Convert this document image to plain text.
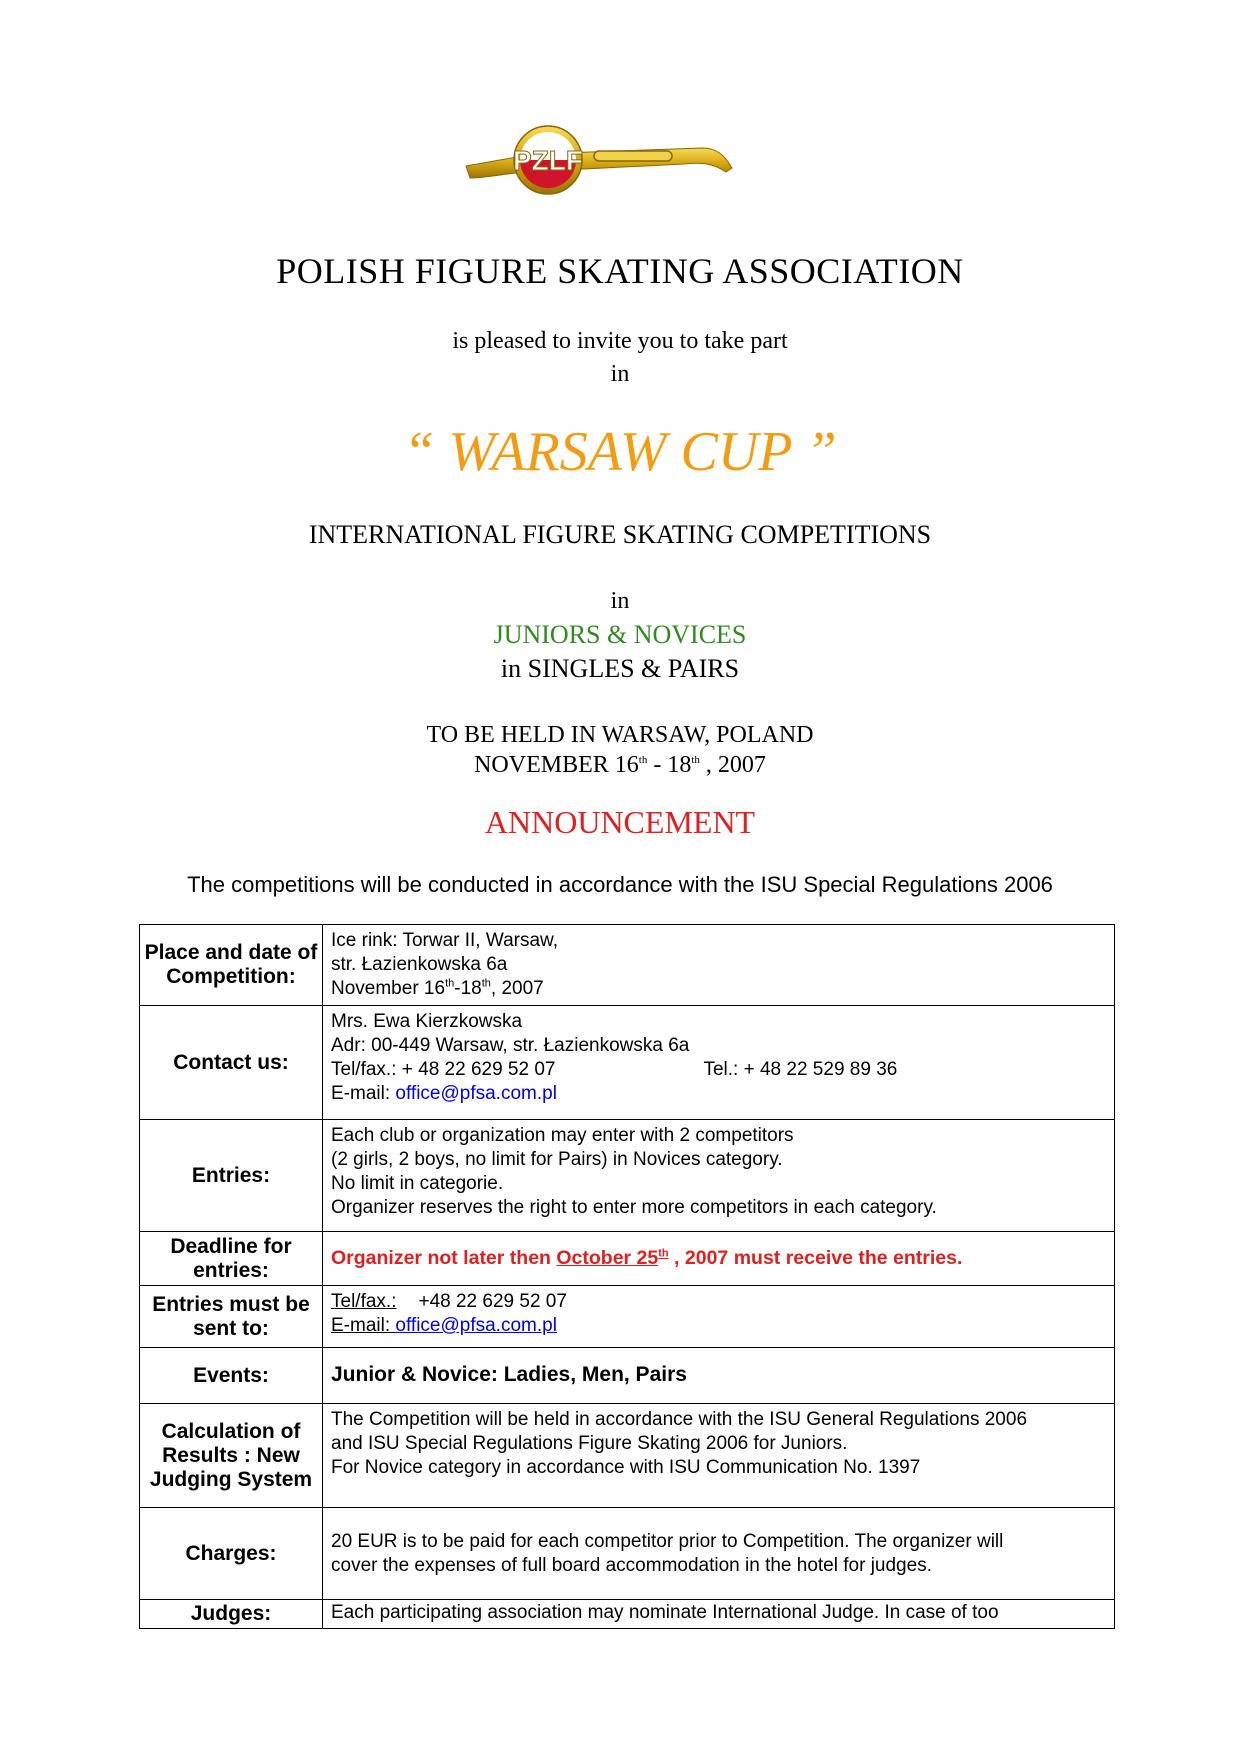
PZLF
POLISH FIGURE SKATING ASSOCIATION
is pleased to invite you to take part
in
“ WARSAW CUP ”
INTERNATIONAL FIGURE SKATING COMPETITIONS
in
JUNIORS & NOVICES
in SINGLES & PAIRS
TO BE HELD IN WARSAW, POLAND
NOVEMBER 16th - 18th , 2007
ANNOUNCEMENT
The competitions will be conducted in accordance with the ISU Special Regulations 2006
Place and date of Competition:	Ice rink: Torwar II, Warsaw,
str. Łazienkowska 6a
November 16th-18th, 2007

Contact us:	Mrs. Ewa Kierzkowska
Adr: 00-449 Warsaw, str. Łazienkowska 6a
Tel/fax.: + 48 22 629 52 07 Tel.: + 48 22 529 89 36
E-mail: office@pfsa.com.pl

Entries:	Each club or organization may enter with 2 competitors
(2 girls, 2 boys, no limit for Pairs) in Novices category.
No limit in categorie.
Organizer reserves the right to enter more competitors in each category.

Deadline for entries:	Organizer not later then October 25th , 2007 must receive the entries.
Entries must be sent to:	Tel/fax.: +48 22 629 52 07
E-mail: office@pfsa.com.pl

Events:	Junior & Novice: Ladies, Men, Pairs
Calculation of Results : New Judging System	The Competition will be held in accordance with the ISU General Regulations 2006
and ISU Special Regulations Figure Skating 2006 for Juniors.
For Novice category in accordance with ISU Communication No. 1397

Charges:	20 EUR is to be paid for each competitor prior to Competition. The organizer will
cover the expenses of full board accommodation in the hotel for judges.

Judges:	Each participating association may nominate International Judge. In case of too
